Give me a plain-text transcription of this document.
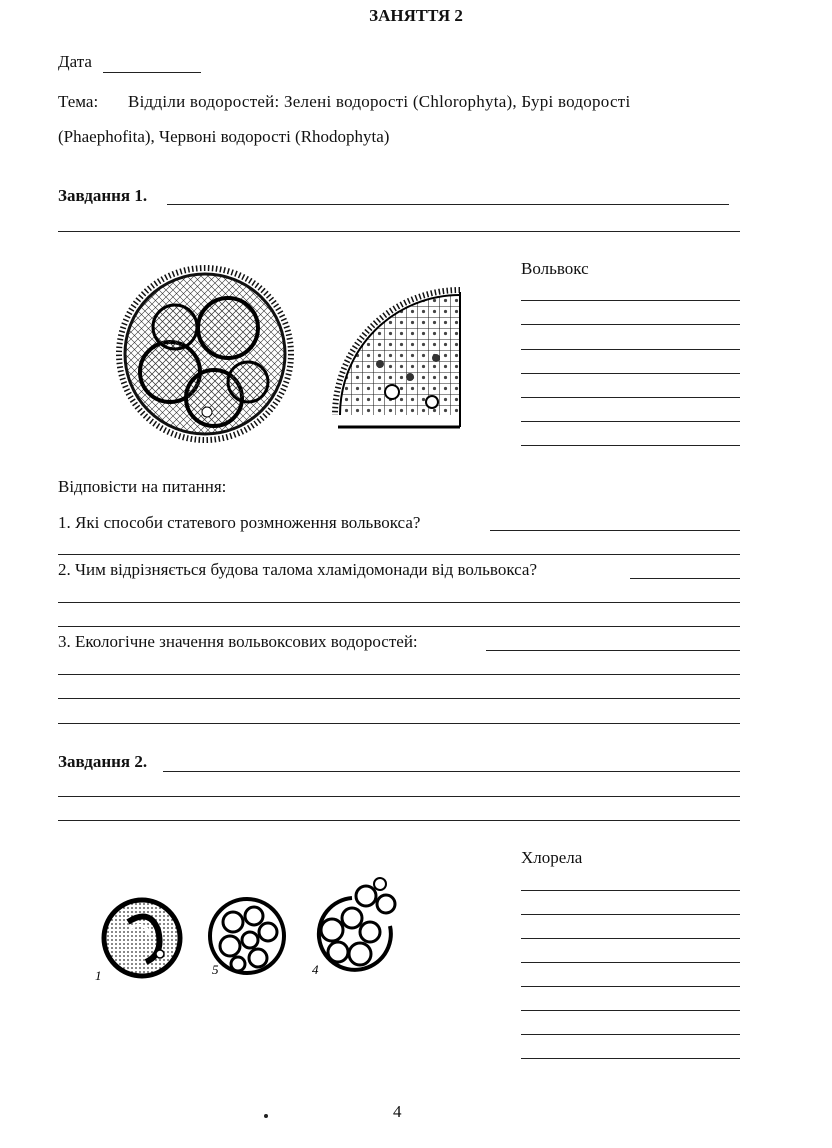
ЗАНЯТТЯ 2
Дата
Тема: Відділи водоростей: Зелені водорості (Chlorophyta), Бурі водорості
(Phaephofita), Червоні водорості (Rhodophyta)
Завдання 1.
Вольвокс
Відповісти на питання:
1. Які способи статевого розмноження вольвокса?
2. Чим відрізняється будова талома хламідомонади від вольвокса?
3. Екологічне значення вольвоксових водоростей:
Завдання 2.
1	5	4
Хлорела
4
